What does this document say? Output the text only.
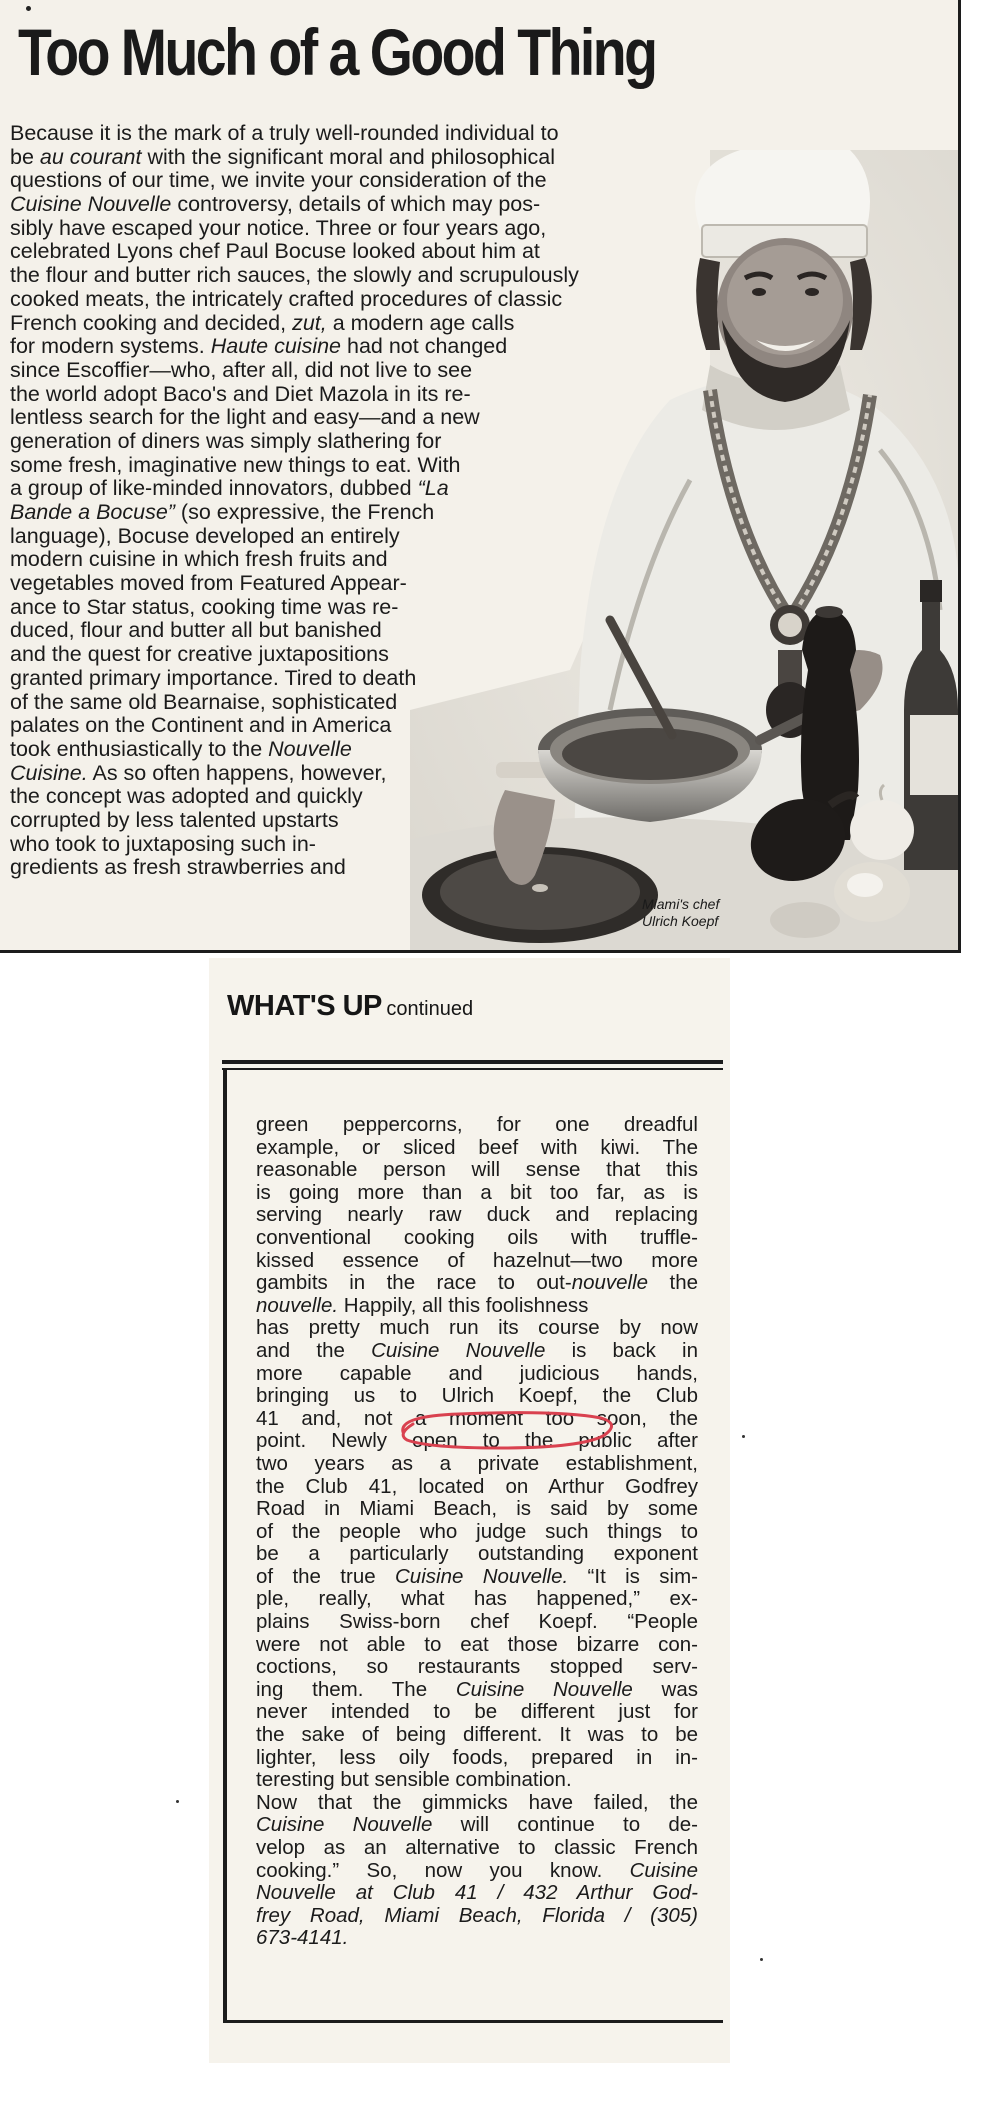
Too Much of a Good Thing
Miami's chef
Ulrich Koepf
Because it is the mark of a truly well-rounded individual to
be au courant with the significant moral and philosophical
questions of our time, we invite your consideration of the
Cuisine Nouvelle controversy, details of which may pos-
sibly have escaped your notice. Three or four years ago,
celebrated Lyons chef Paul Bocuse looked about him at
the flour and butter rich sauces, the slowly and scrupulously
cooked meats, the intricately crafted procedures of classic
French cooking and decided, zut, a modern age calls
for modern systems. Haute cuisine had not changed
since Escoffier—who, after all, did not live to see
the world adopt Baco's and Diet Mazola in its re-
lentless search for the light and easy—and a new
generation of diners was simply slathering for
some fresh, imaginative new things to eat. With
a group of like-minded innovators, dubbed “La
Bande a Bocuse” (so expressive, the French
language), Bocuse developed an entirely
modern cuisine in which fresh fruits and
vegetables moved from Featured Appear-
ance to Star status, cooking time was re-
duced, flour and butter all but banished
and the quest for creative juxtapositions
granted primary importance. Tired to death
of the same old Bearnaise, sophisticated
palates on the Continent and in America
took enthusiastically to the Nouvelle
Cuisine. As so often happens, however,
the concept was adopted and quickly
corrupted by less talented upstarts
who took to juxtaposing such in-
gredients as fresh strawberries and
WHAT'S UP continued
green peppercorns, for one dreadful
example, or sliced beef with kiwi. The
reasonable person will sense that this
is going more than a bit too far, as is
serving nearly raw duck and replacing
conventional cooking oils with truffle-
kissed essence of hazelnut—two more
gambits in the race to out-nouvelle the
nouvelle. Happily, all this foolishness
has pretty much run its course by now
and the Cuisine Nouvelle is back in
more capable and judicious hands,
bringing us to Ulrich Koepf, the Club
41 and, not a moment too soon, the
point. Newly open to the public after
two years as a private establishment,
the Club 41, located on Arthur Godfrey
Road in Miami Beach, is said by some
of the people who judge such things to
be a particularly outstanding exponent
of the true Cuisine Nouvelle. “It is sim-
ple, really, what has happened,” ex-
plains Swiss-born chef Koepf. “People
were not able to eat those bizarre con-
coctions, so restaurants stopped serv-
ing them. The Cuisine Nouvelle was
never intended to be different just for
the sake of being different. It was to be
lighter, less oily foods, prepared in in-
teresting but sensible combination.
Now that the gimmicks have failed, the
Cuisine Nouvelle will continue to de-
velop as an alternative to classic French
cooking.” So, now you know. Cuisine
Nouvelle at Club 41 / 432 Arthur God-
frey Road, Miami Beach, Florida / (305)
673-4141.
